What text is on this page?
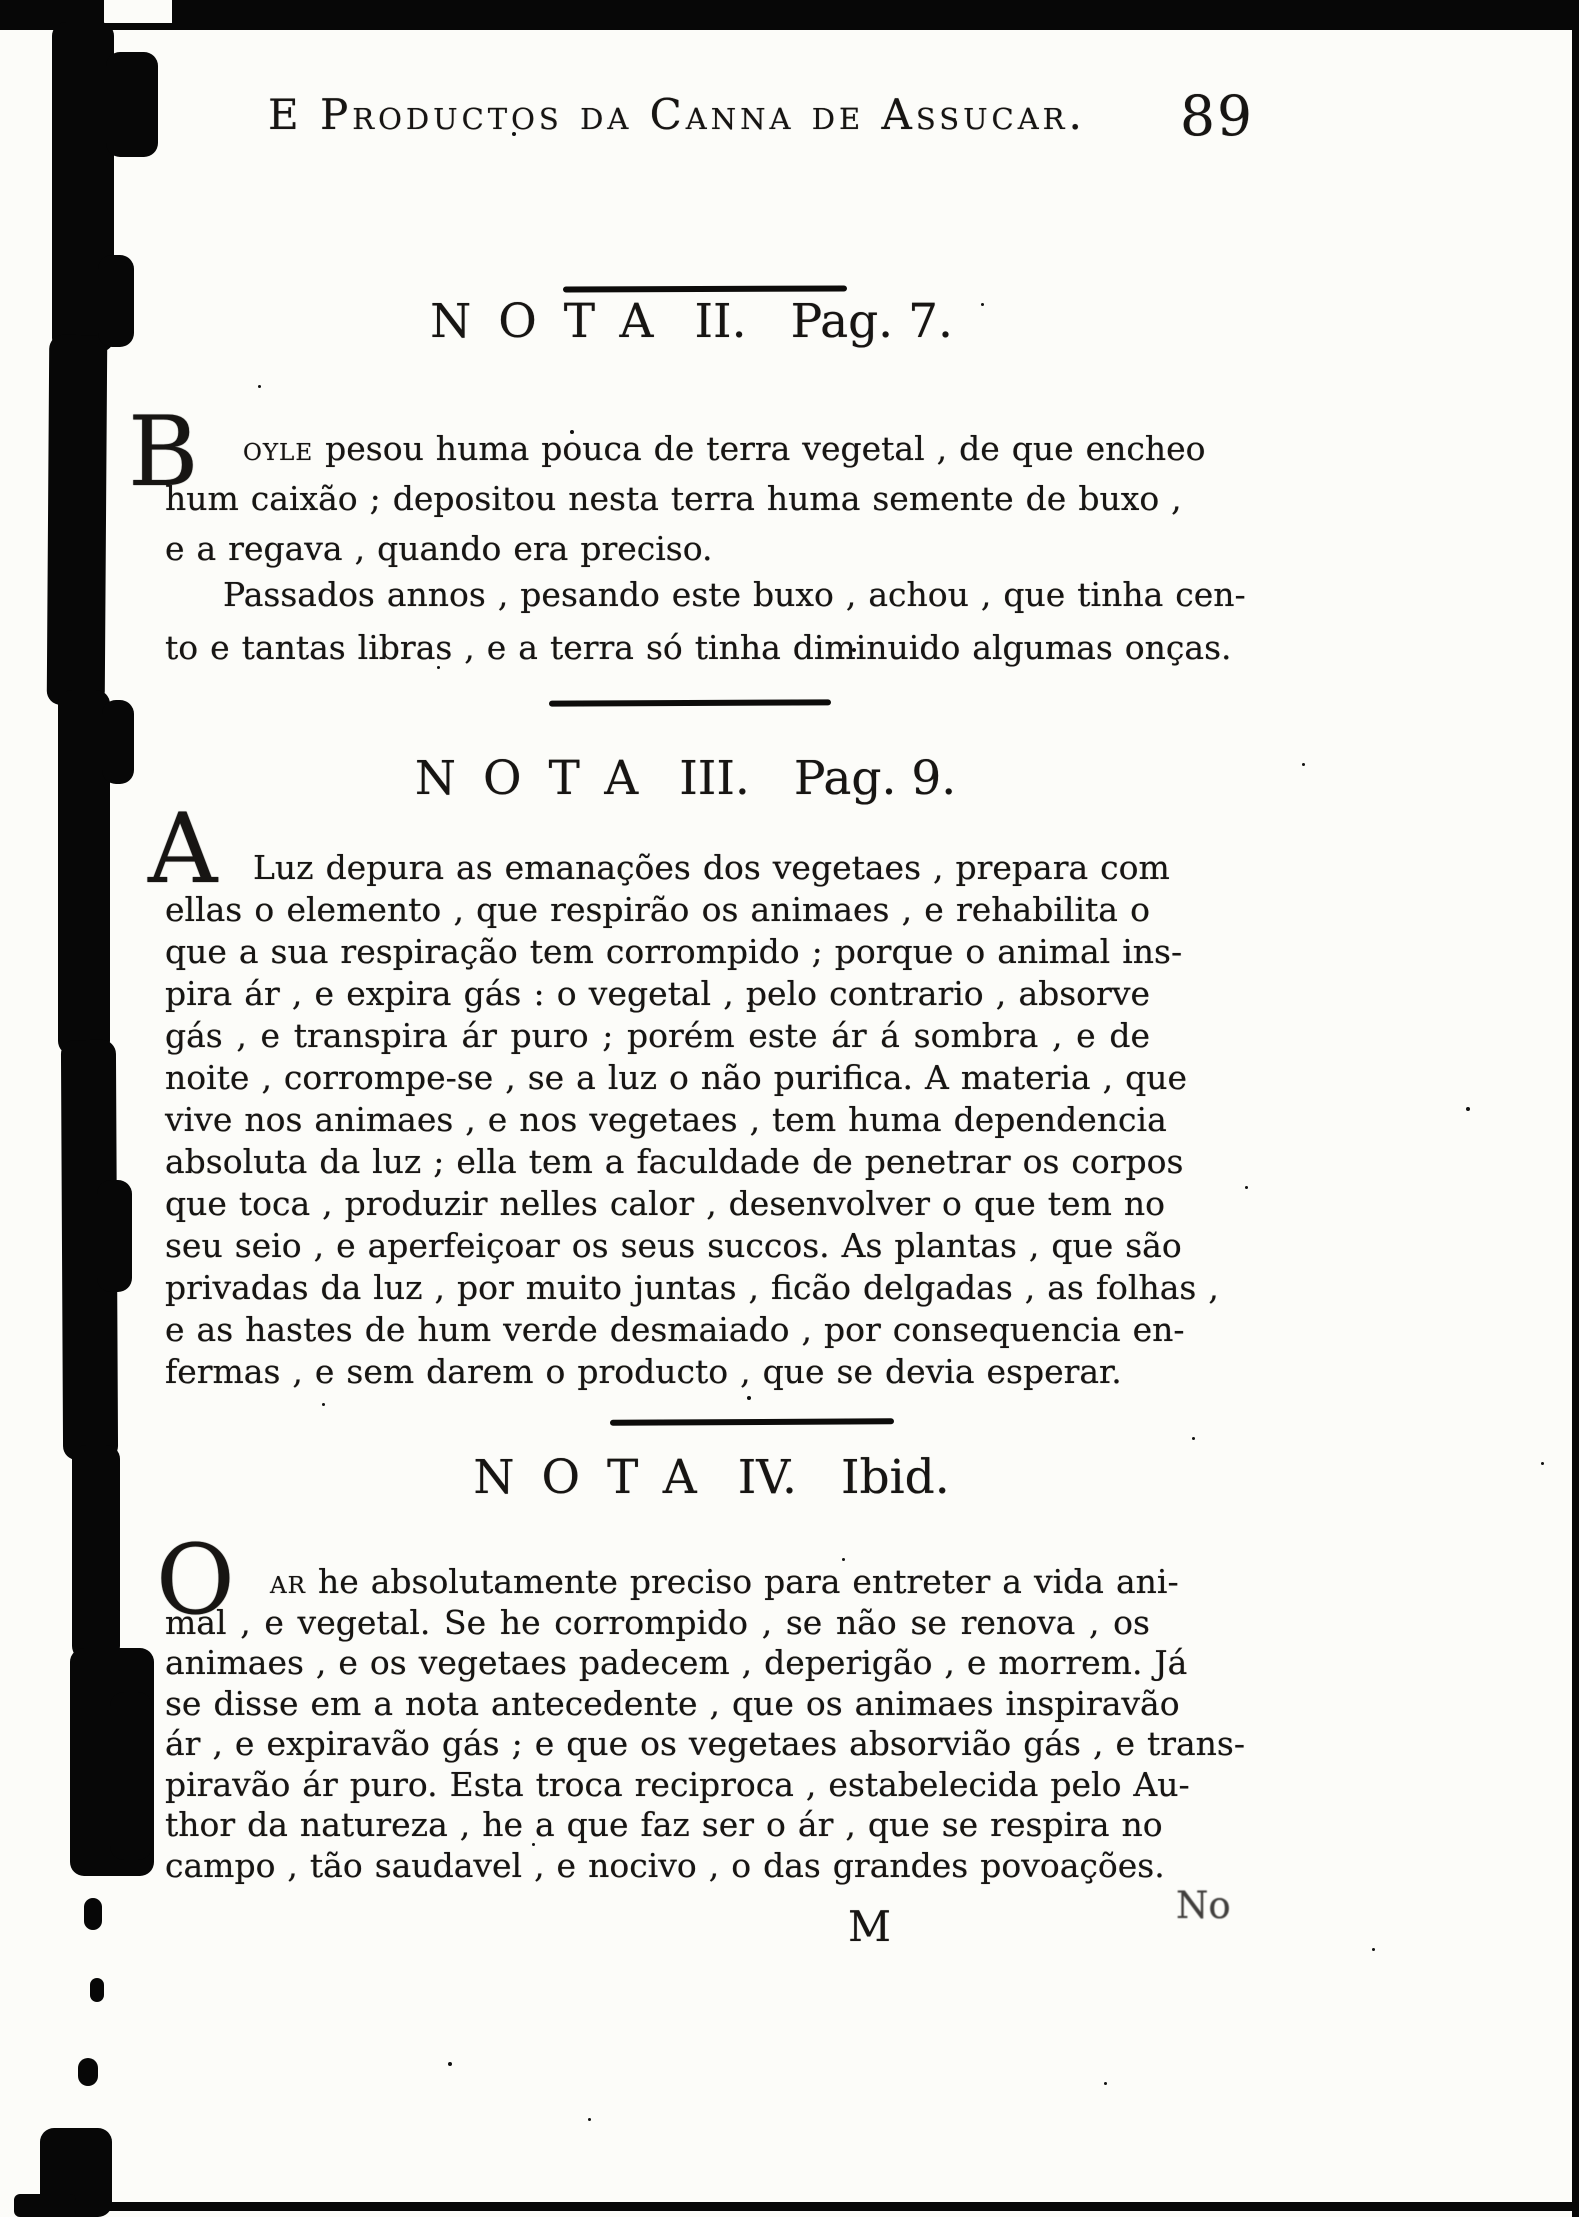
E Productos da Canna de Assucar. 89
NOTA II. Pag. 7.
B	oyle pesou huma pouca de terra vegetal , de que encheo
hum caixão ; depositou nesta terra huma semente de buxo ,
e a regava , quando era preciso.
Passados annos , pesando este buxo , achou , que tinha cen-
to e tantas libras , e a terra só tinha diminuido algumas onças.
NOTA III. Pag. 9.
A	Luz depura as emanações dos vegetaes , prepara com
ellas o elemento , que respirão os animaes , e rehabilita o
que a sua respiração tem corrompido ; porque o animal ins-
pira ár , e expira gás : o vegetal , pelo contrario , absorve
gás , e transpira ár puro ; porém este ár á sombra , e de
noite , corrompe-se , se a luz o não purifica. A materia , que
vive nos animaes , e nos vegetaes , tem huma dependencia
absoluta da luz ; ella tem a faculdade de penetrar os corpos
que toca , produzir nelles calor , desenvolver o que tem no
seu seio , e aperfeiçoar os seus succos. As plantas , que são
privadas da luz , por muito juntas , ficão delgadas , as folhas ,
e as hastes de hum verde desmaiado , por consequencia en-
fermas , e sem darem o producto , que se devia esperar.
NOTA IV. Ibid.
O	ar he absolutamente preciso para entreter a vida ani-
mal , e vegetal. Se he corrompido , se não se renova , os
animaes , e os vegetaes padecem , deperigão , e morrem. Já
se disse em a nota antecedente , que os animaes inspiravão
ár , e expiravão gás ; e que os vegetaes absorvião gás , e trans-
piravão ár puro. Esta troca reciproca , estabelecida pelo Au-
thor da natureza , he a que faz ser o ár , que se respira no
campo , tão saudavel , e nocivo , o das grandes povoações.
M	No
